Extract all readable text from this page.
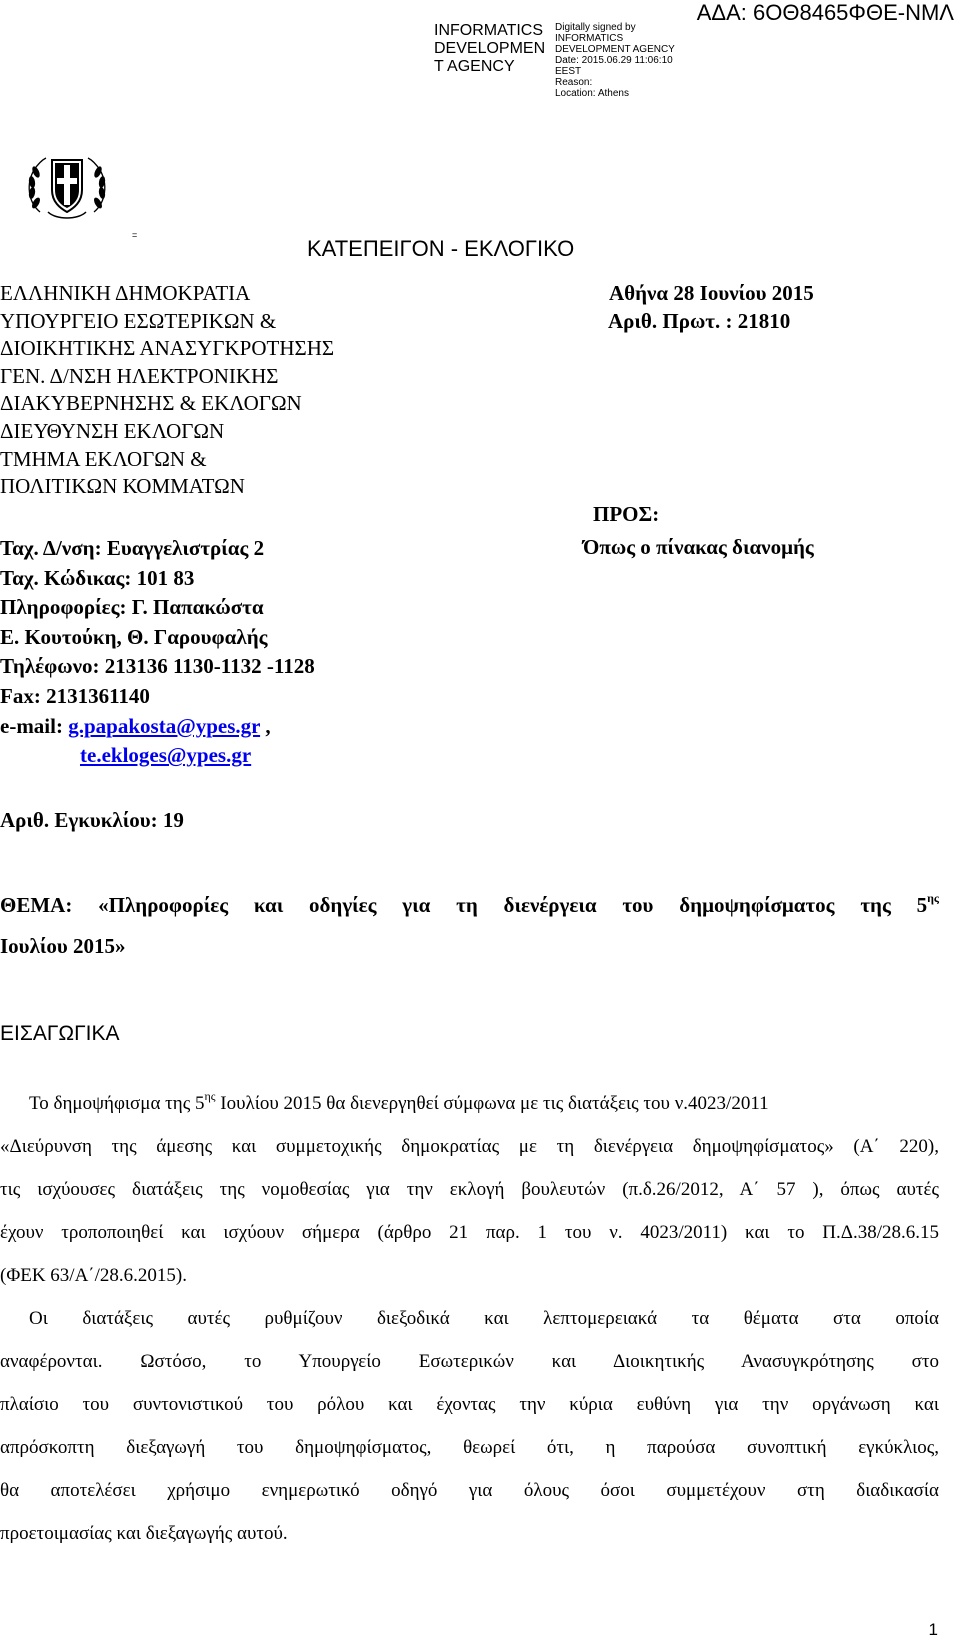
INFORMATICS
DEVELOPMEN
T AGENCY
Digitally signed by
INFORMATICS
DEVELOPMENT AGENCY
Date: 2015.06.29 11:06:10
EEST
Reason:
Location: Athens
ΑΔΑ: 6ΟΘ8465ΦΘΕ-ΝΜΛ
=
ΚΑΤΕΠΕΙΓΟΝ - ΕΚΛΟΓΙΚΟ
ΕΛΛΗΝΙΚΗ ΔΗΜΟΚΡΑΤΙΑ
ΥΠΟΥΡΓΕΙΟ ΕΣΩΤΕΡΙΚΩΝ &
ΔΙΟΙΚΗΤΙΚΗΣ ΑΝΑΣΥΓΚΡΟΤΗΣΗΣ
ΓΕΝ. Δ/ΝΣΗ ΗΛΕΚΤΡΟΝΙΚΗΣ
ΔΙΑΚΥΒΕΡΝΗΣΗΣ & ΕΚΛΟΓΩΝ
ΔΙΕΥΘΥΝΣΗ ΕΚΛΟΓΩΝ
ΤΜΗΜΑ ΕΚΛΟΓΩΝ &
ΠΟΛΙΤΙΚΩΝ ΚΟΜΜΑΤΩΝ
Αθήνα 28 Ιουνίου 2015
Αριθ. Πρωτ. : 21810
ΠΡΟΣ:
Όπως ο πίνακας διανομής
Ταχ. Δ/νση: Ευαγγελιστρίας 2
Ταχ. Κώδικας: 101 83
Πληροφορίες: Γ. Παπακώστα
Ε. Κουτούκη, Θ. Γαρουφαλής
Τηλέφωνο: 213136 1130-1132 -1128
Fax: 2131361140
e-mail: g.papakosta@ypes.gr ,
te.ekloges@ypes.gr
Αριθ. Εγκυκλίου: 19
ΘΕΜΑ: «Πληροφορίες και οδηγίες για τη διενέργεια του δημοψηφίσματος της $5^{\eta\varsigma}$
Ιουλίου 2015»
ΕΙΣΑΓΩΓΙΚΑ
Το δημοψήφισμα της $5^{\eta\varsigma}$ Ιουλίου 2015 θα διενεργηθεί σύμφωνα με τις διατάξεις του ν.4023/2011
«Διεύρυνση της άμεσης και συμμετοχικής δημοκρατίας με τη διενέργεια δημοψηφίσματος» (Α΄ 220),
τις ισχύουσες διατάξεις της νομοθεσίας για την εκλογή βουλευτών (π.δ.26/2012, Α΄ 57 ), όπως αυτές
έχουν τροποποιηθεί και ισχύουν σήμερα (άρθρο 21 παρ. 1 του ν. 4023/2011) και το Π.Δ.38/28.6.15
(ΦΕΚ 63/Α΄/28.6.2015).
Οι διατάξεις αυτές ρυθμίζουν διεξοδικά και λεπτομερειακά τα θέματα στα οποία
αναφέρονται. Ωστόσο, το Υπουργείο Εσωτερικών και Διοικητικής Ανασυγκρότησης στο
πλαίσιο του συντονιστικού του ρόλου και έχοντας την κύρια ευθύνη για την οργάνωση και
απρόσκοπτη διεξαγωγή του δημοψηφίσματος, θεωρεί ότι, η παρούσα συνοπτική εγκύκλιος,
θα αποτελέσει χρήσιμο ενημερωτικό οδηγό για όλους όσοι συμμετέχουν στη διαδικασία
προετοιμασίας και διεξαγωγής αυτού.
1
